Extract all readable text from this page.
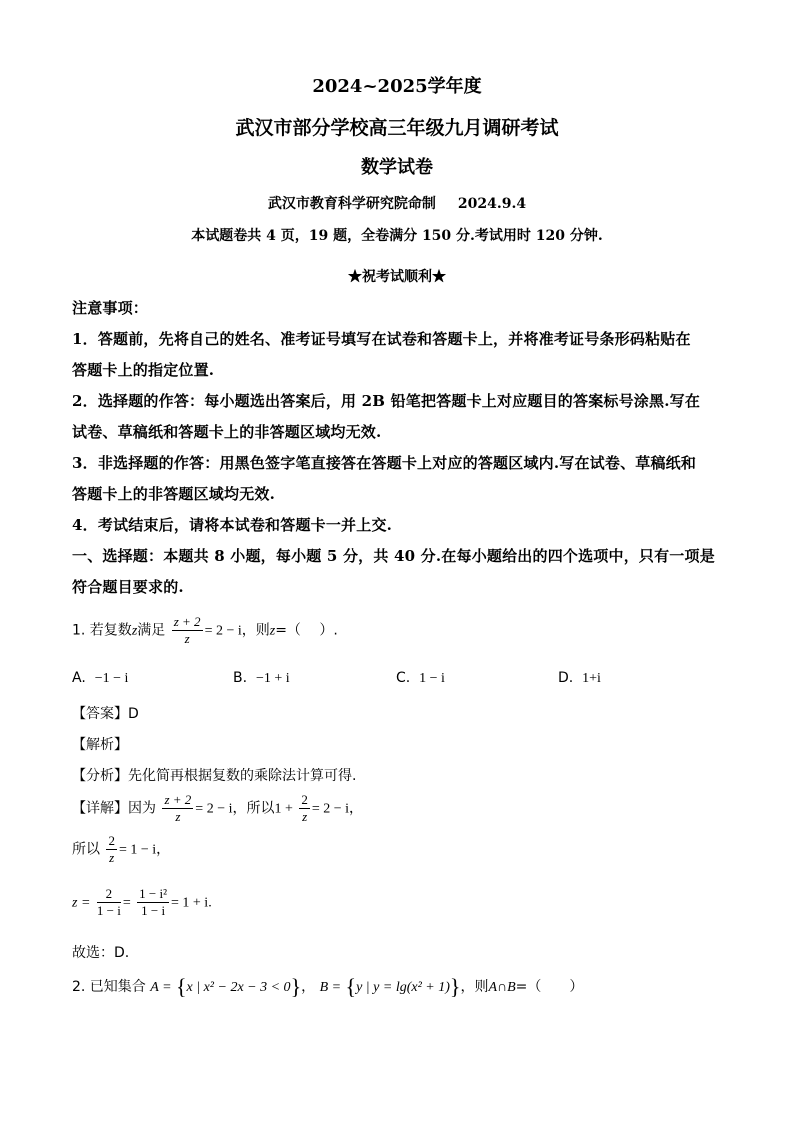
2024~2025学年度
武汉市部分学校高三年级九月调研考试
数学试卷
武汉市教育科学研究院命制 2024.9.4
本试题卷共 4 页，19 题，全卷满分 150 分.考试用时 120 分钟.
★祝考试顺利★
注意事项：
1．答题前，先将自己的姓名、准考证号填写在试卷和答题卡上，并将准考证号条形码粘贴在
答题卡上的指定位置.
2．选择题的作答：每小题选出答案后，用 2B 铅笔把答题卡上对应题目的答案标号涂黑.写在
试卷、草稿纸和答题卡上的非答题区域均无效.
3．非选择题的作答：用黑色签字笔直接答在答题卡上对应的答题区域内.写在试卷、草稿纸和
答题卡上的非答题区域均无效.
4．考试结束后，请将本试卷和答题卡一并上交.
一、选择题：本题共 8 小题，每小题 5 分，共 40 分.在每小题给出的四个选项中，只有一项是
符合题目要求的.
1. 若复数z满足 $\frac{z + 2}{z} = 2 - i$，则z=（　 ）.
A. −1 − i	B. −1 + i	C. 1 − i	D. 1+i
【答案】D
【解析】
【分析】先化简再根据复数的乘除法计算可得.
【详解】因为 $\frac{z + 2}{z} = 2 - i$，所以$1 + \frac{2}{z} = 2 - i$，
所以 $\frac{2}{z} = 1 - i$，
$z = \frac{2}{1 - i} = \frac{\text{1 − i²}}{1 - i} = 1 + i$.
故选：D.
2. 已知集合 A = {x | x² − 2x − 3 < 0}， B = {y | y = lg(x² + 1)}，则A∩B=（　　）
